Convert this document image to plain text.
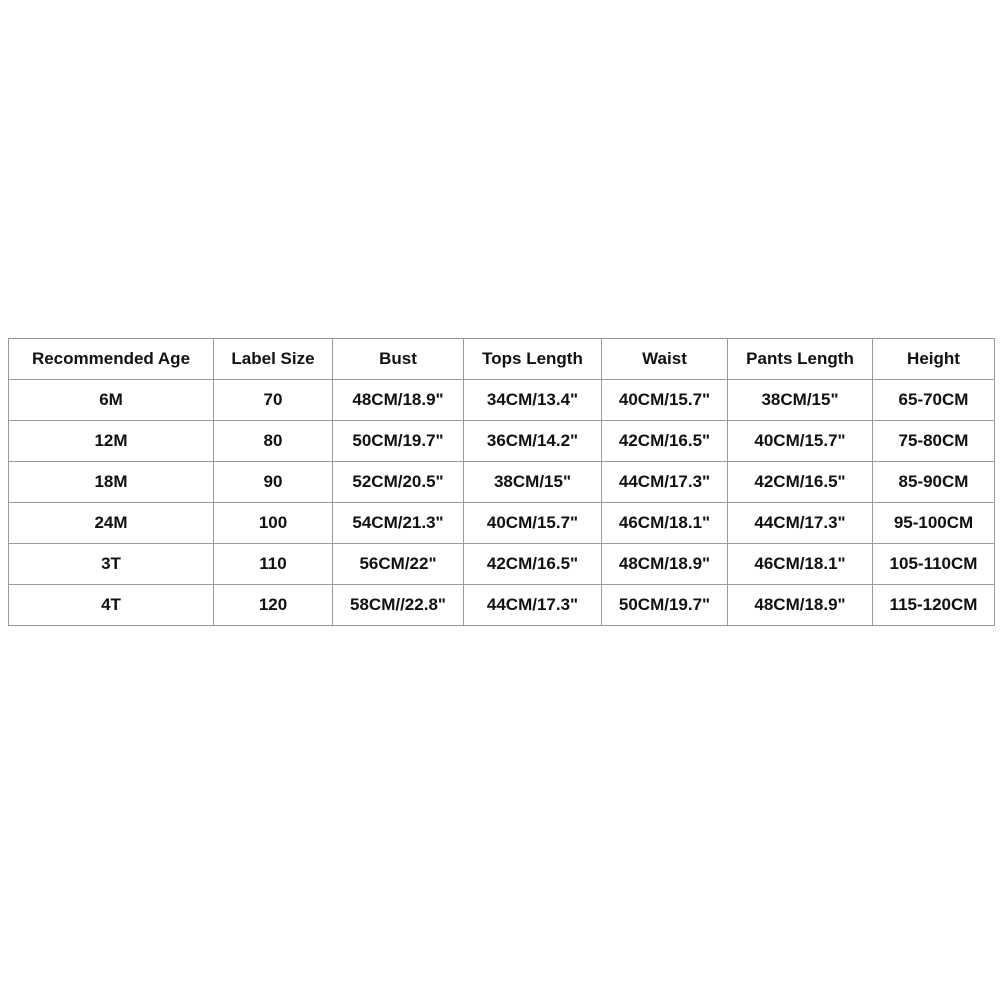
Recommended Age	Label Size	Bust	Tops Length	Waist	Pants Length	Height
6M	70	48CM/18.9"	34CM/13.4"	40CM/15.7"	38CM/15"	65-70CM
12M	80	50CM/19.7"	36CM/14.2"	42CM/16.5"	40CM/15.7"	75-80CM
18M	90	52CM/20.5"	38CM/15"	44CM/17.3"	42CM/16.5"	85-90CM
24M	100	54CM/21.3"	40CM/15.7"	46CM/18.1"	44CM/17.3"	95-100CM
3T	110	56CM/22"	42CM/16.5"	48CM/18.9"	46CM/18.1"	105-110CM
4T	120	58CM//22.8"	44CM/17.3"	50CM/19.7"	48CM/18.9"	115-120CM
